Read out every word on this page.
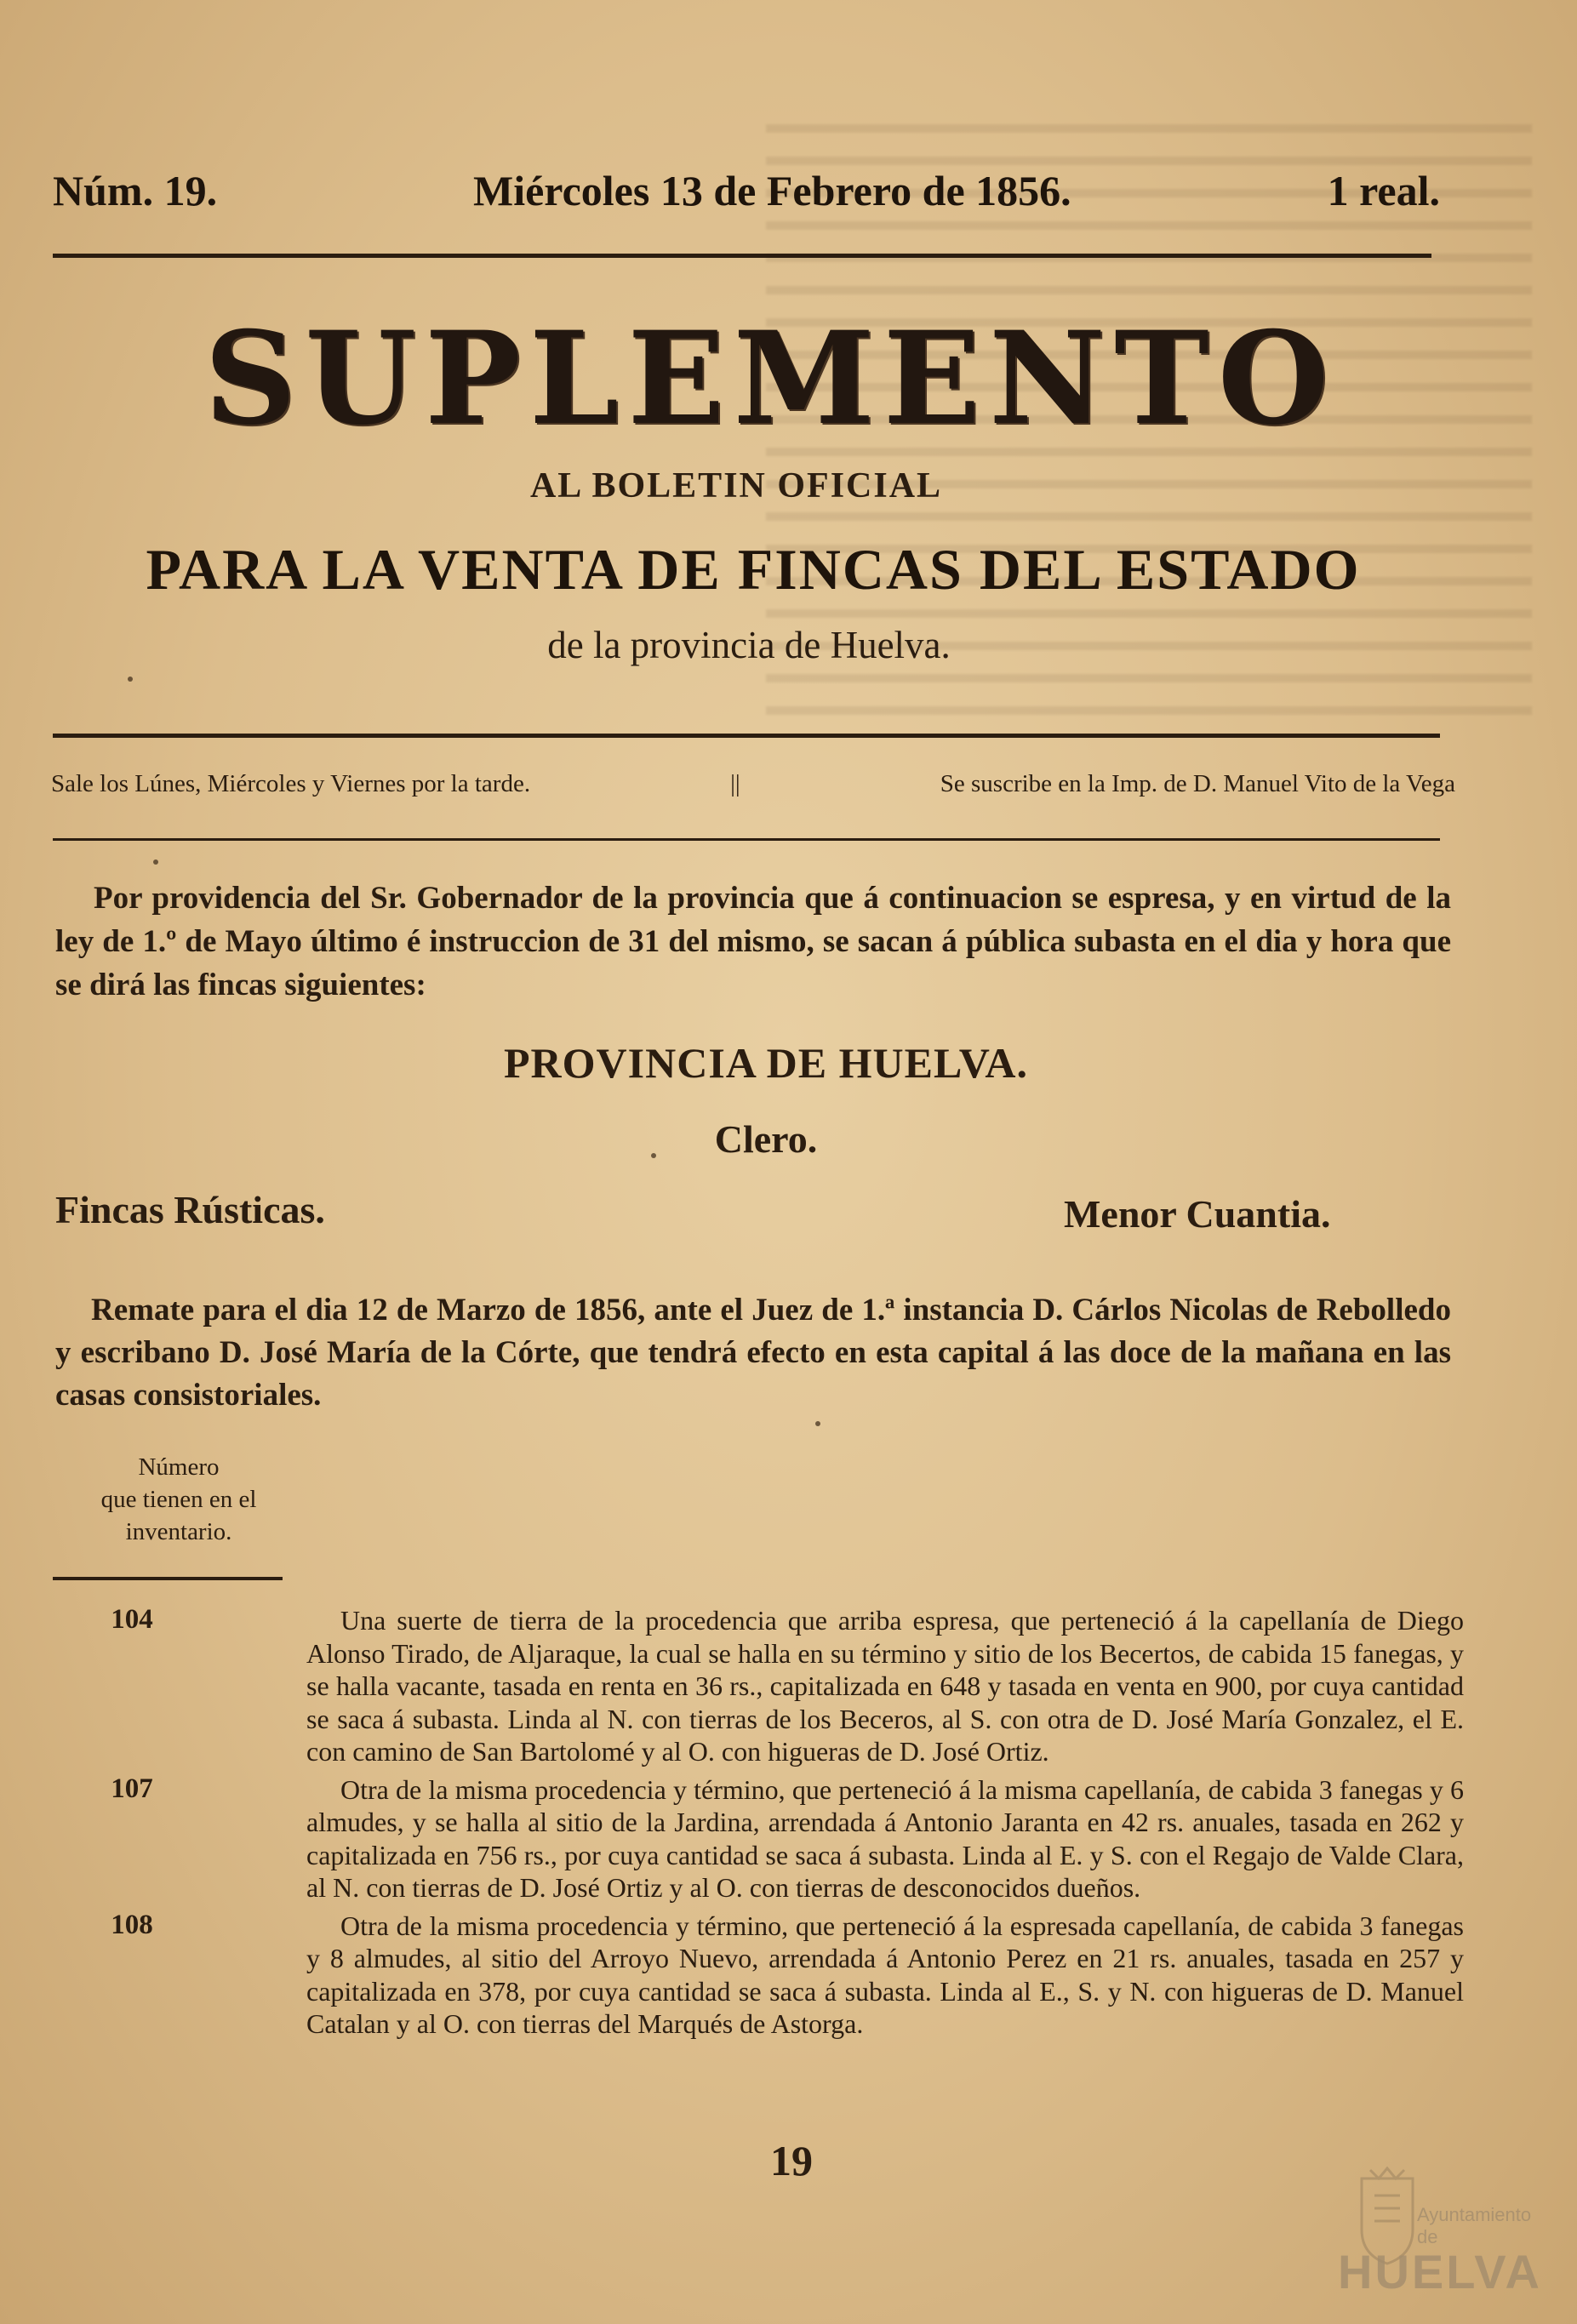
Núm. 19.	Miércoles 13 de Febrero de 1856.	1 real.
SUPLEMENTO
AL BOLETIN OFICIAL
PARA LA VENTA DE FINCAS DEL ESTADO
de la provincia de Huelva.
Sale los Lúnes, Miércoles y Viernes por la tarde.	||	Se suscribe en la Imp. de D. Manuel Vito de la Vega
Por providencia del Sr. Gobernador de la provincia que á continuacion se espresa, y en virtud de la ley de 1.º de Mayo último é instruccion de 31 del mismo, se sacan á pública subasta en el dia y hora que se dirá las fincas siguientes:
PROVINCIA DE HUELVA.
Clero.
Fincas Rústicas.	Menor Cuantia.
Remate para el dia 12 de Marzo de 1856, ante el Juez de 1.ª instancia D. Cárlos Nicolas de Rebolledo y escribano D. José María de la Córte, que tendrá efecto en esta capital á las doce de la mañana en las casas consistoriales.
Número
que tienen en el
inventario.
104	Una suerte de tierra de la procedencia que arriba espresa, que perteneció á la capellanía de Diego Alonso Tirado, de Aljaraque, la cual se halla en su término y sitio de los Becertos, de cabida 15 fanegas, y se halla vacante, tasada en renta en 36 rs., capitalizada en 648 y tasada en venta en 900, por cuya cantidad se saca á subasta. Linda al N. con tierras de los Beceros, al S. con otra de D. José María Gonzalez, el E. con camino de San Bartolomé y al O. con higueras de D. José Ortiz.
107	Otra de la misma procedencia y término, que perteneció á la misma capellanía, de cabida 3 fanegas y 6 almudes, y se halla al sitio de la Jardina, arrendada á Antonio Jaranta en 42 rs. anuales, tasada en 262 y capitalizada en 756 rs., por cuya cantidad se saca á subasta. Linda al E. y S. con el Regajo de Valde Clara, al N. con tierras de D. José Ortiz y al O. con tierras de desconocidos dueños.
108	Otra de la misma procedencia y término, que perteneció á la espresada capellanía, de cabida 3 fanegas y 8 almudes, al sitio del Arroyo Nuevo, arrendada á Antonio Perez en 21 rs. anuales, tasada en 257 y capitalizada en 378, por cuya cantidad se saca á subasta. Linda al E., S. y N. con higueras de D. Manuel Catalan y al O. con tierras del Marqués de Astorga.
19
Ayuntamiento de
HUELVA
